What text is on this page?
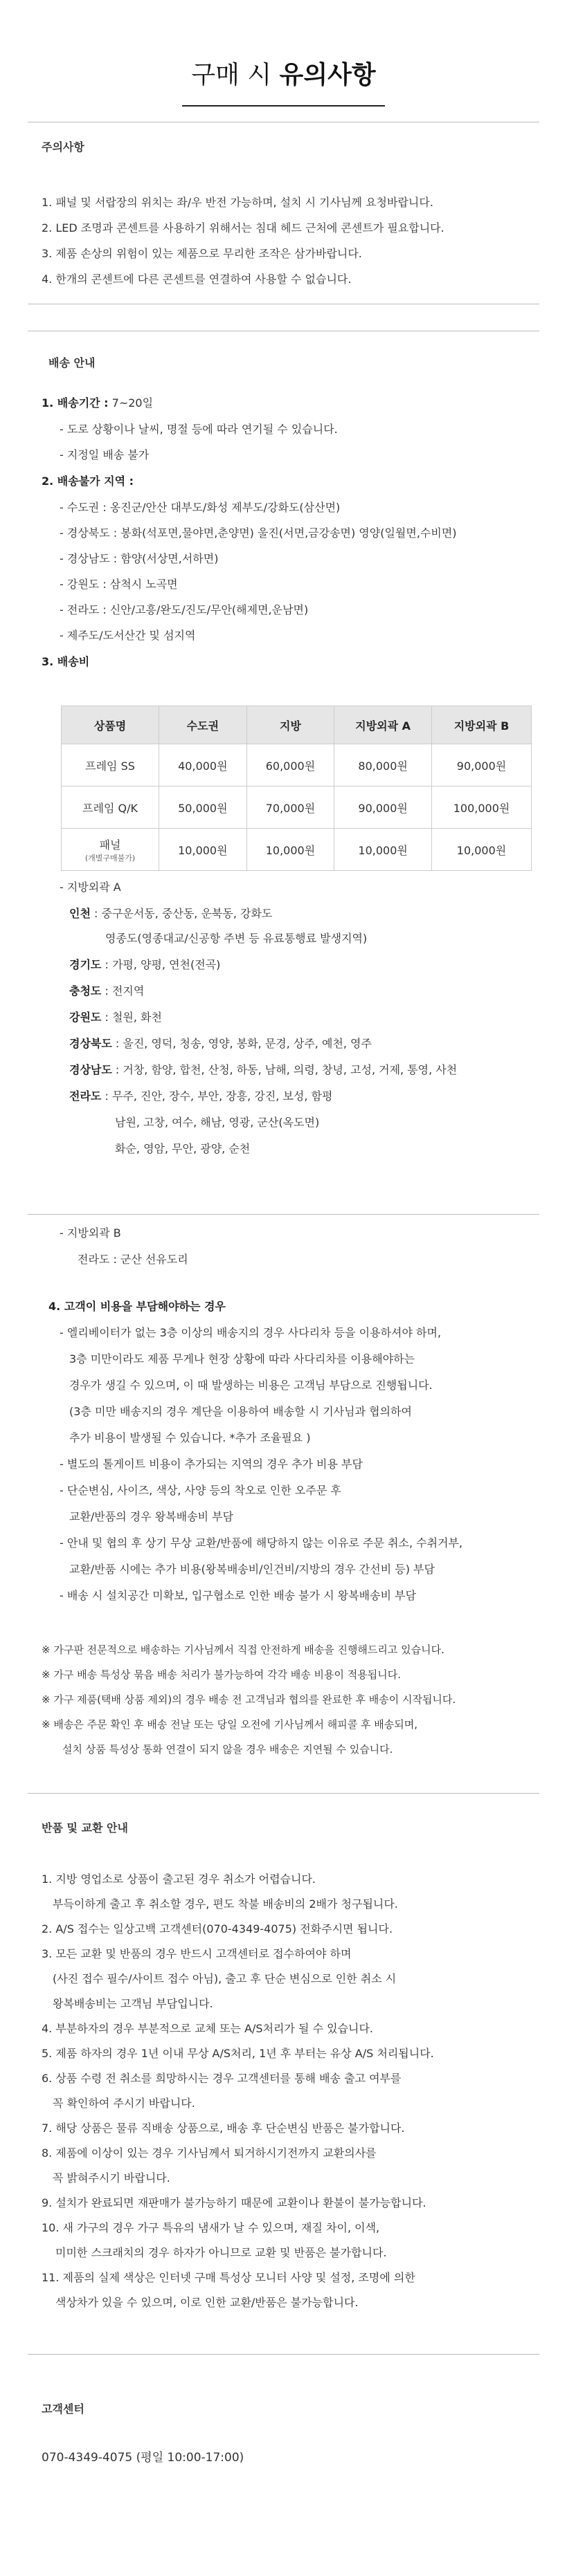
구매 시 유의사항
주의사항
1. 패널 및 서랍장의 위치는 좌/우 반전 가능하며, 설치 시 기사님께 요청바랍니다.
2. LED 조명과 콘센트를 사용하기 위해서는 침대 헤드 근처에 콘센트가 필요합니다.
3. 제품 손상의 위험이 있는 제품으로 무리한 조작은 삼가바랍니다.
4. 한개의 콘센트에 다른 콘센트를 연결하여 사용할 수 없습니다.
배송 안내
1. 배송기간 : 7~20일
- 도로 상황이나 날씨, 명절 등에 따라 연기될 수 있습니다.
- 지정일 배송 불가
2. 배송불가 지역 :
- 수도권 : 옹진군/안산 대부도/화성 제부도/강화도(삼산면)
- 경상북도 : 봉화(석포면,물야면,춘양면) 울진(서면,금강송면) 영양(일월면,수비면)
- 경상남도 : 함양(서상면,서하면)
- 강원도 : 삼척시 노곡면
- 전라도 : 신안/고흥/완도/진도/무안(해제면,운남면)
- 제주도/도서산간 및 섬지역
3. 배송비
상품명	수도권	지방	지방외곽 A	지방외곽 B
프레임 SS	40,000원	60,000원	80,000원	90,000원
프레임 Q/K	50,000원	70,000원	90,000원	100,000원
패널
(개별구매불가)	10,000원	10,000원	10,000원	10,000원
- 지방외곽 A
인천 : 중구운서동, 중산동, 운북동, 강화도
영종도(영종대교/신공항 주변 등 유료통행료 발생지역)
경기도 : 가평, 양평, 연천(전곡)
충청도 : 전지역
강원도 : 철원, 화천
경상북도 : 울진, 영덕, 청송, 영양, 봉화, 문경, 상주, 예천, 영주
경상남도 : 거창, 함양, 합천, 산청, 하동, 남해, 의령, 창녕, 고성, 거제, 통영, 사천
전라도 : 무주, 진안, 장수, 부안, 장흥, 강진, 보성, 함평
남원, 고창, 여수, 해남, 영광, 군산(옥도면)
화순, 영암, 무안, 광양, 순천
- 지방외곽 B
전라도 : 군산 선유도리
4. 고객이 비용을 부담해야하는 경우
- 엘리베이터가 없는 3층 이상의 배송지의 경우 사다리차 등을 이용하셔야 하며,
3층 미만이라도 제품 무게나 현장 상황에 따라 사다리차를 이용해야하는
경우가 생길 수 있으며, 이 때 발생하는 비용은 고객님 부담으로 진행됩니다.
(3층 미만 배송지의 경우 계단을 이용하여 배송할 시 기사님과 협의하여
추가 비용이 발생될 수 있습니다. *추가 조율필요 )
- 별도의 톨게이트 비용이 추가되는 지역의 경우 추가 비용 부담
- 단순변심, 사이즈, 색상, 사양 등의 착오로 인한 오주문 후
교환/반품의 경우 왕복배송비 부담
- 안내 및 협의 후 상기 무상 교환/반품에 해당하지 않는 이유로 주문 취소, 수취거부,
교환/반품 시에는 추가 비용(왕복배송비/인건비/지방의 경우 간선비 등) 부담
- 배송 시 설치공간 미확보, 입구협소로 인한 배송 불가 시 왕복배송비 부담
※ 가구판 전문적으로 배송하는 기사님께서 직접 안전하게 배송을 진행해드리고 있습니다.
※ 가구 배송 특성상 묶음 배송 처리가 불가능하여 각각 배송 비용이 적용됩니다.
※ 가구 제품(택배 상품 제외)의 경우 배송 전 고객님과 협의를 완료한 후 배송이 시작됩니다.
※ 배송은 주문 확인 후 배송 전날 또는 당일 오전에 기사님께서 해피콜 후 배송되며,
설치 상품 특성상 통화 연결이 되지 않을 경우 배송은 지연될 수 있습니다.
반품 및 교환 안내
1. 지방 영업소로 상품이 출고된 경우 취소가 어렵습니다.
부득이하게 출고 후 취소할 경우, 편도 착불 배송비의 2배가 청구됩니다.
2. A/S 접수는 일상고백 고객센터(070-4349-4075) 전화주시면 됩니다.
3. 모든 교환 및 반품의 경우 반드시 고객센터로 접수하여야 하며
(사진 접수 필수/사이트 접수 아님), 출고 후 단순 변심으로 인한 취소 시
왕복배송비는 고객님 부담입니다.
4. 부분하자의 경우 부분적으로 교체 또는 A/S처리가 될 수 있습니다.
5. 제품 하자의 경우 1년 이내 무상 A/S처리, 1년 후 부터는 유상 A/S 처리됩니다.
6. 상품 수령 전 취소를 희망하시는 경우 고객센터를 통해 배송 출고 여부를
꼭 확인하여 주시기 바랍니다.
7. 해당 상품은 물류 직배송 상품으로, 배송 후 단순변심 반품은 불가합니다.
8. 제품에 이상이 있는 경우 기사님께서 퇴거하시기전까지 교환의사를
꼭 밝혀주시기 바랍니다.
9. 설치가 완료되면 재판매가 불가능하기 때문에 교환이나 환불이 불가능합니다.
10. 새 가구의 경우 가구 특유의 냄새가 날 수 있으며, 재질 차이, 이색,
미미한 스크래치의 경우 하자가 아니므로 교환 및 반품은 불가합니다.
11. 제품의 실제 색상은 인터넷 구매 특성상 모니터 사양 및 설정, 조명에 의한
색상차가 있을 수 있으며, 이로 인한 교환/반품은 불가능합니다.
고객센터
070-4349-4075 (평일 10:00-17:00)
